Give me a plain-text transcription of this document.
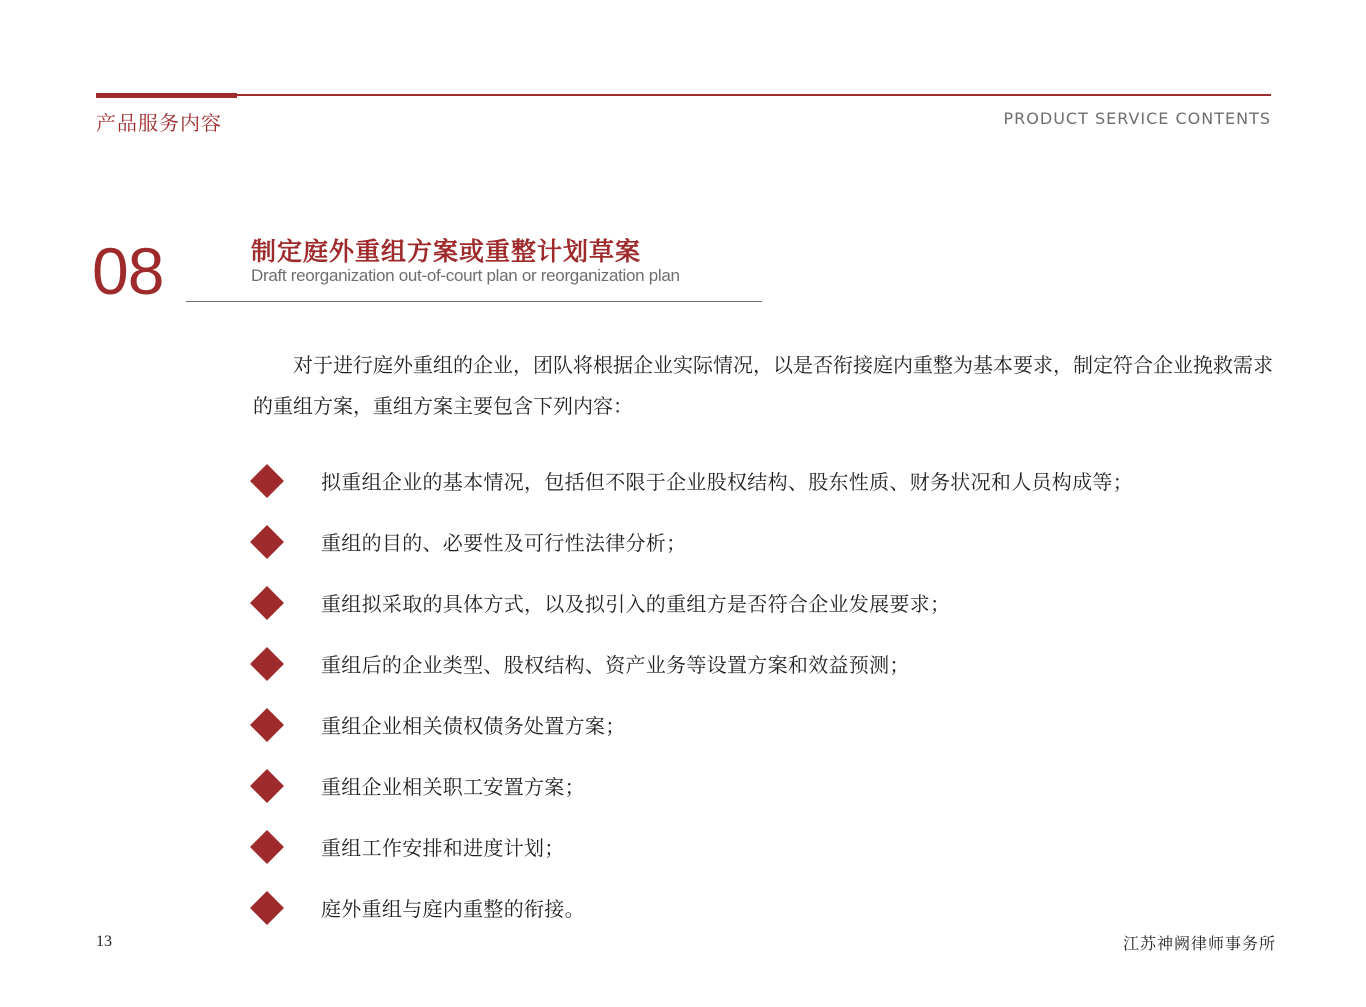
产品服务内容	PRODUCT SERVICE CONTENTS
08	制定庭外重组方案或重整计划草案
Draft reorganization out-of-court plan or reorganization plan

对于进行庭外重组的企业，团队将根据企业实际情况，以是否衔接庭内重整为基本要求，制定符合企业挽救需求的重组方案，重组方案主要包含下列内容：

拟重组企业的基本情况，包括但不限于企业股权结构、股东性质、财务状况和人员构成等；
重组的目的、必要性及可行性法律分析；
重组拟采取的具体方式，以及拟引入的重组方是否符合企业发展要求；
重组后的企业类型、股权结构、资产业务等设置方案和效益预测；
重组企业相关债权债务处置方案；
重组企业相关职工安置方案；
重组工作安排和进度计划；
庭外重组与庭内重整的衔接。
13	江苏神阙律师事务所
